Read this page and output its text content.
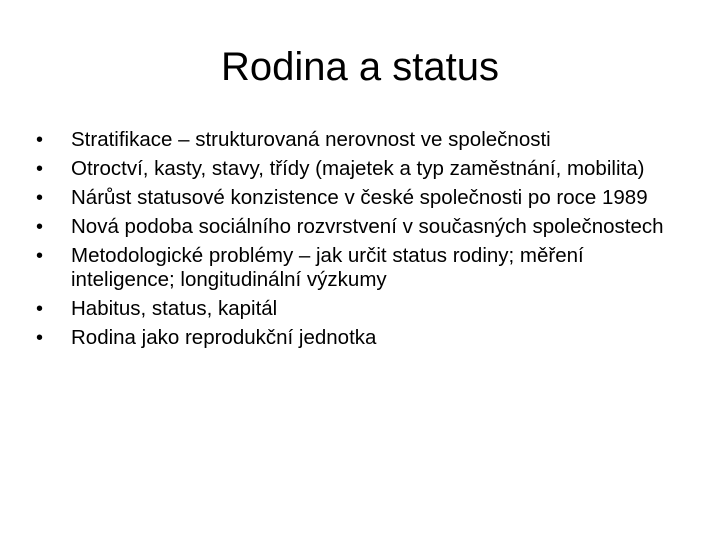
Rodina a status
•	Stratifikace – strukturovaná nerovnost ve společnosti
•	Otroctví, kasty, stavy, třídy (majetek a typ zaměstnání, mobilita)
•	Nárůst statusové konzistence v české společnosti po roce 1989
•	Nová podoba sociálního rozvrstvení v současných společnostech
•	Metodologické problémy – jak určit status rodiny; měření inteligence; longitudinální výzkumy
•	Habitus, status, kapitál
•	Rodina jako reprodukční jednotka
